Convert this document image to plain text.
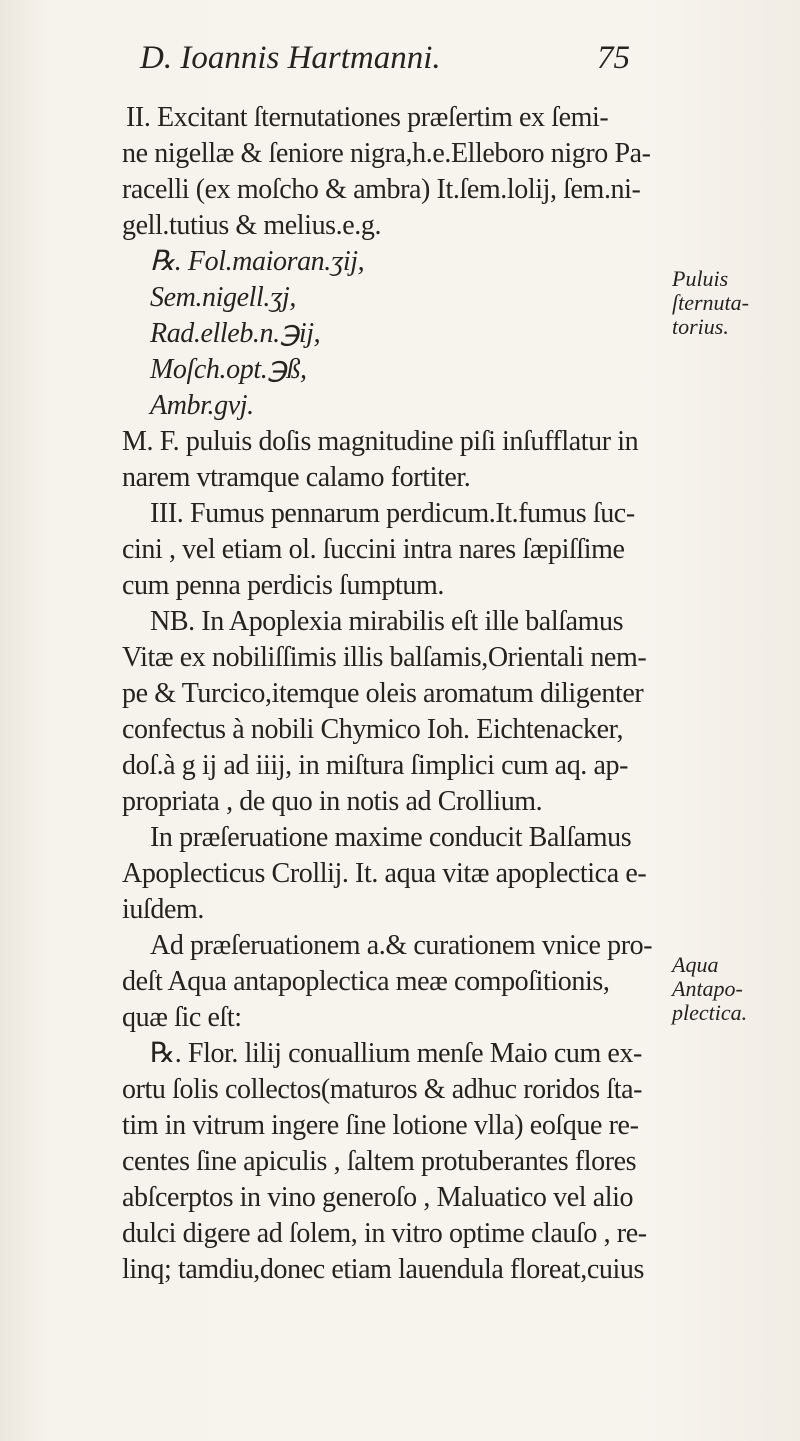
D. Ioannis Hartmanni.	75
II. Excitant ſternutationes præſertim ex ſemi-
ne nigellæ & ſeniore nigra,h.e.Elleboro nigro Pa-
racelli (ex moſcho & ambra) It.ſem.lolij, ſem.ni-
gell.tutius & melius.e.g.
℞. Fol.maioran.ʒij,
Sem.nigell.ʒj,
Rad.elleb.n.℈ij,
Moſch.opt.℈ß,
Ambr.gvj.
M. F. puluis doſis magnitudine piſi inſufflatur in
narem vtramque calamo fortiter.
III. Fumus pennarum perdicum.It.fumus ſuc-
cini , vel etiam ol. ſuccini intra nares ſæpiſſime
cum penna perdicis ſumptum.
NB. In Apoplexia mirabilis eſt ille balſamus
Vitæ ex nobiliſſimis illis balſamis,Orientali nem-
pe & Turcico,itemque oleis aromatum diligenter
confectus à nobili Chymico Ioh. Eichtenacker,
doſ.à g ij ad iiij, in miſtura ſimplici cum aq. ap-
propriata , de quo in notis ad Crollium.
In præſeruatione maxime conducit Balſamus
Apoplecticus Crollij. It. aqua vitæ apoplectica e-
iuſdem.
Ad præſeruationem a.& curationem vnice pro-
deſt Aqua antapoplectica meæ compoſitionis,
quæ ſic eſt:
℞. Flor. lilij conuallium menſe Maio cum ex-
ortu ſolis collectos(maturos & adhuc roridos ſta-
tim in vitrum ingere ſine lotione vlla) eoſque re-
centes ſine apiculis , ſaltem protuberantes flores
abſcerptos in vino generoſo , Maluatico vel alio
dulci digere ad ſolem, in vitro optime clauſo , re-
linq; tamdiu,donec etiam lauendula floreat,cuius
Puluis
ſternuta-
torius.
Aqua
Antapo-
plectica.
